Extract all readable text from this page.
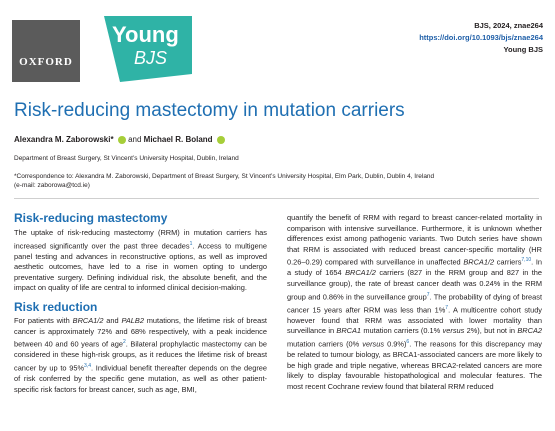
OXFORD
Young
BJS
BJS, 2024, znae264
https://doi.org/10.1093/bjs/znae264
Young BJS
Risk-reducing mastectomy in mutation carriers
Alexandra M. Zaborowski* and Michael R. Boland
Department of Breast Surgery, St Vincent’s University Hospital, Dublin, Ireland
*Correspondence to: Alexandra M. Zaborowski, Department of Breast Surgery, St Vincent’s University Hospital, Elm Park, Dublin, Dublin 4, Ireland
(e-mail: zaborowa@tcd.ie)
Risk-reducing mastectomy
The uptake of risk-reducing mastectomy (RRM) in mutation carriers has increased significantly over the past three decades$^1$. Access to multigene panel testing and advances in reconstructive options, as well as improved aesthetic outcomes, have led to a rise in women opting to undergo preventative surgery. Defining individual risk, the absolute benefit, and the impact on quality of life are central to informed clinical decision-making.
Risk reduction
For patients with BRCA1/2 and PALB2 mutations, the lifetime risk of breast cancer is approximately 72% and 68% respectively, with a peak incidence between 40 and 60 years of age$^2$. Bilateral prophylactic mastectomy can be considered in these high-risk groups, as it reduces the lifetime risk of breast cancer by up to 95%$^{3,4}$. Individual benefit thereafter depends on the degree of risk conferred by the specific gene mutation, as well as other patient-specific risk factors for breast cancer, such as age, BMI,
quantify the benefit of RRM with regard to breast cancer-related mortality in comparison with intensive surveillance. Furthermore, it is unknown whether differences exist among pathogenic variants. Two Dutch series have shown that RRM is associated with reduced breast cancer-specific mortality (HR 0.26–0.29) compared with surveillance in unaffected BRCA1/2 carriers$^{7,10}$. In a study of 1654 BRCA1/2 carriers (827 in the RRM group and 827 in the surveillance group), the rate of breast cancer death was 0.24% in the RRM group and 0.86% in the surveillance group$^7$. The probability of dying of breast cancer 15 years after RRM was less than 1%$^7$. A multicentre cohort study however found that RRM was associated with lower mortality than surveillance in BRCA1 mutation carriers (0.1% versus 2%), but not in BRCA2 mutation carriers (0% versus 0.9%)$^6$. The reasons for this discrepancy may be related to tumour biology, as BRCA1-associated cancers are more likely to be high grade and triple negative, whereas BRCA2-related cancers are more likely to display favourable histopathological and molecular features. The most recent Cochrane review found that bilateral RRM reduced
